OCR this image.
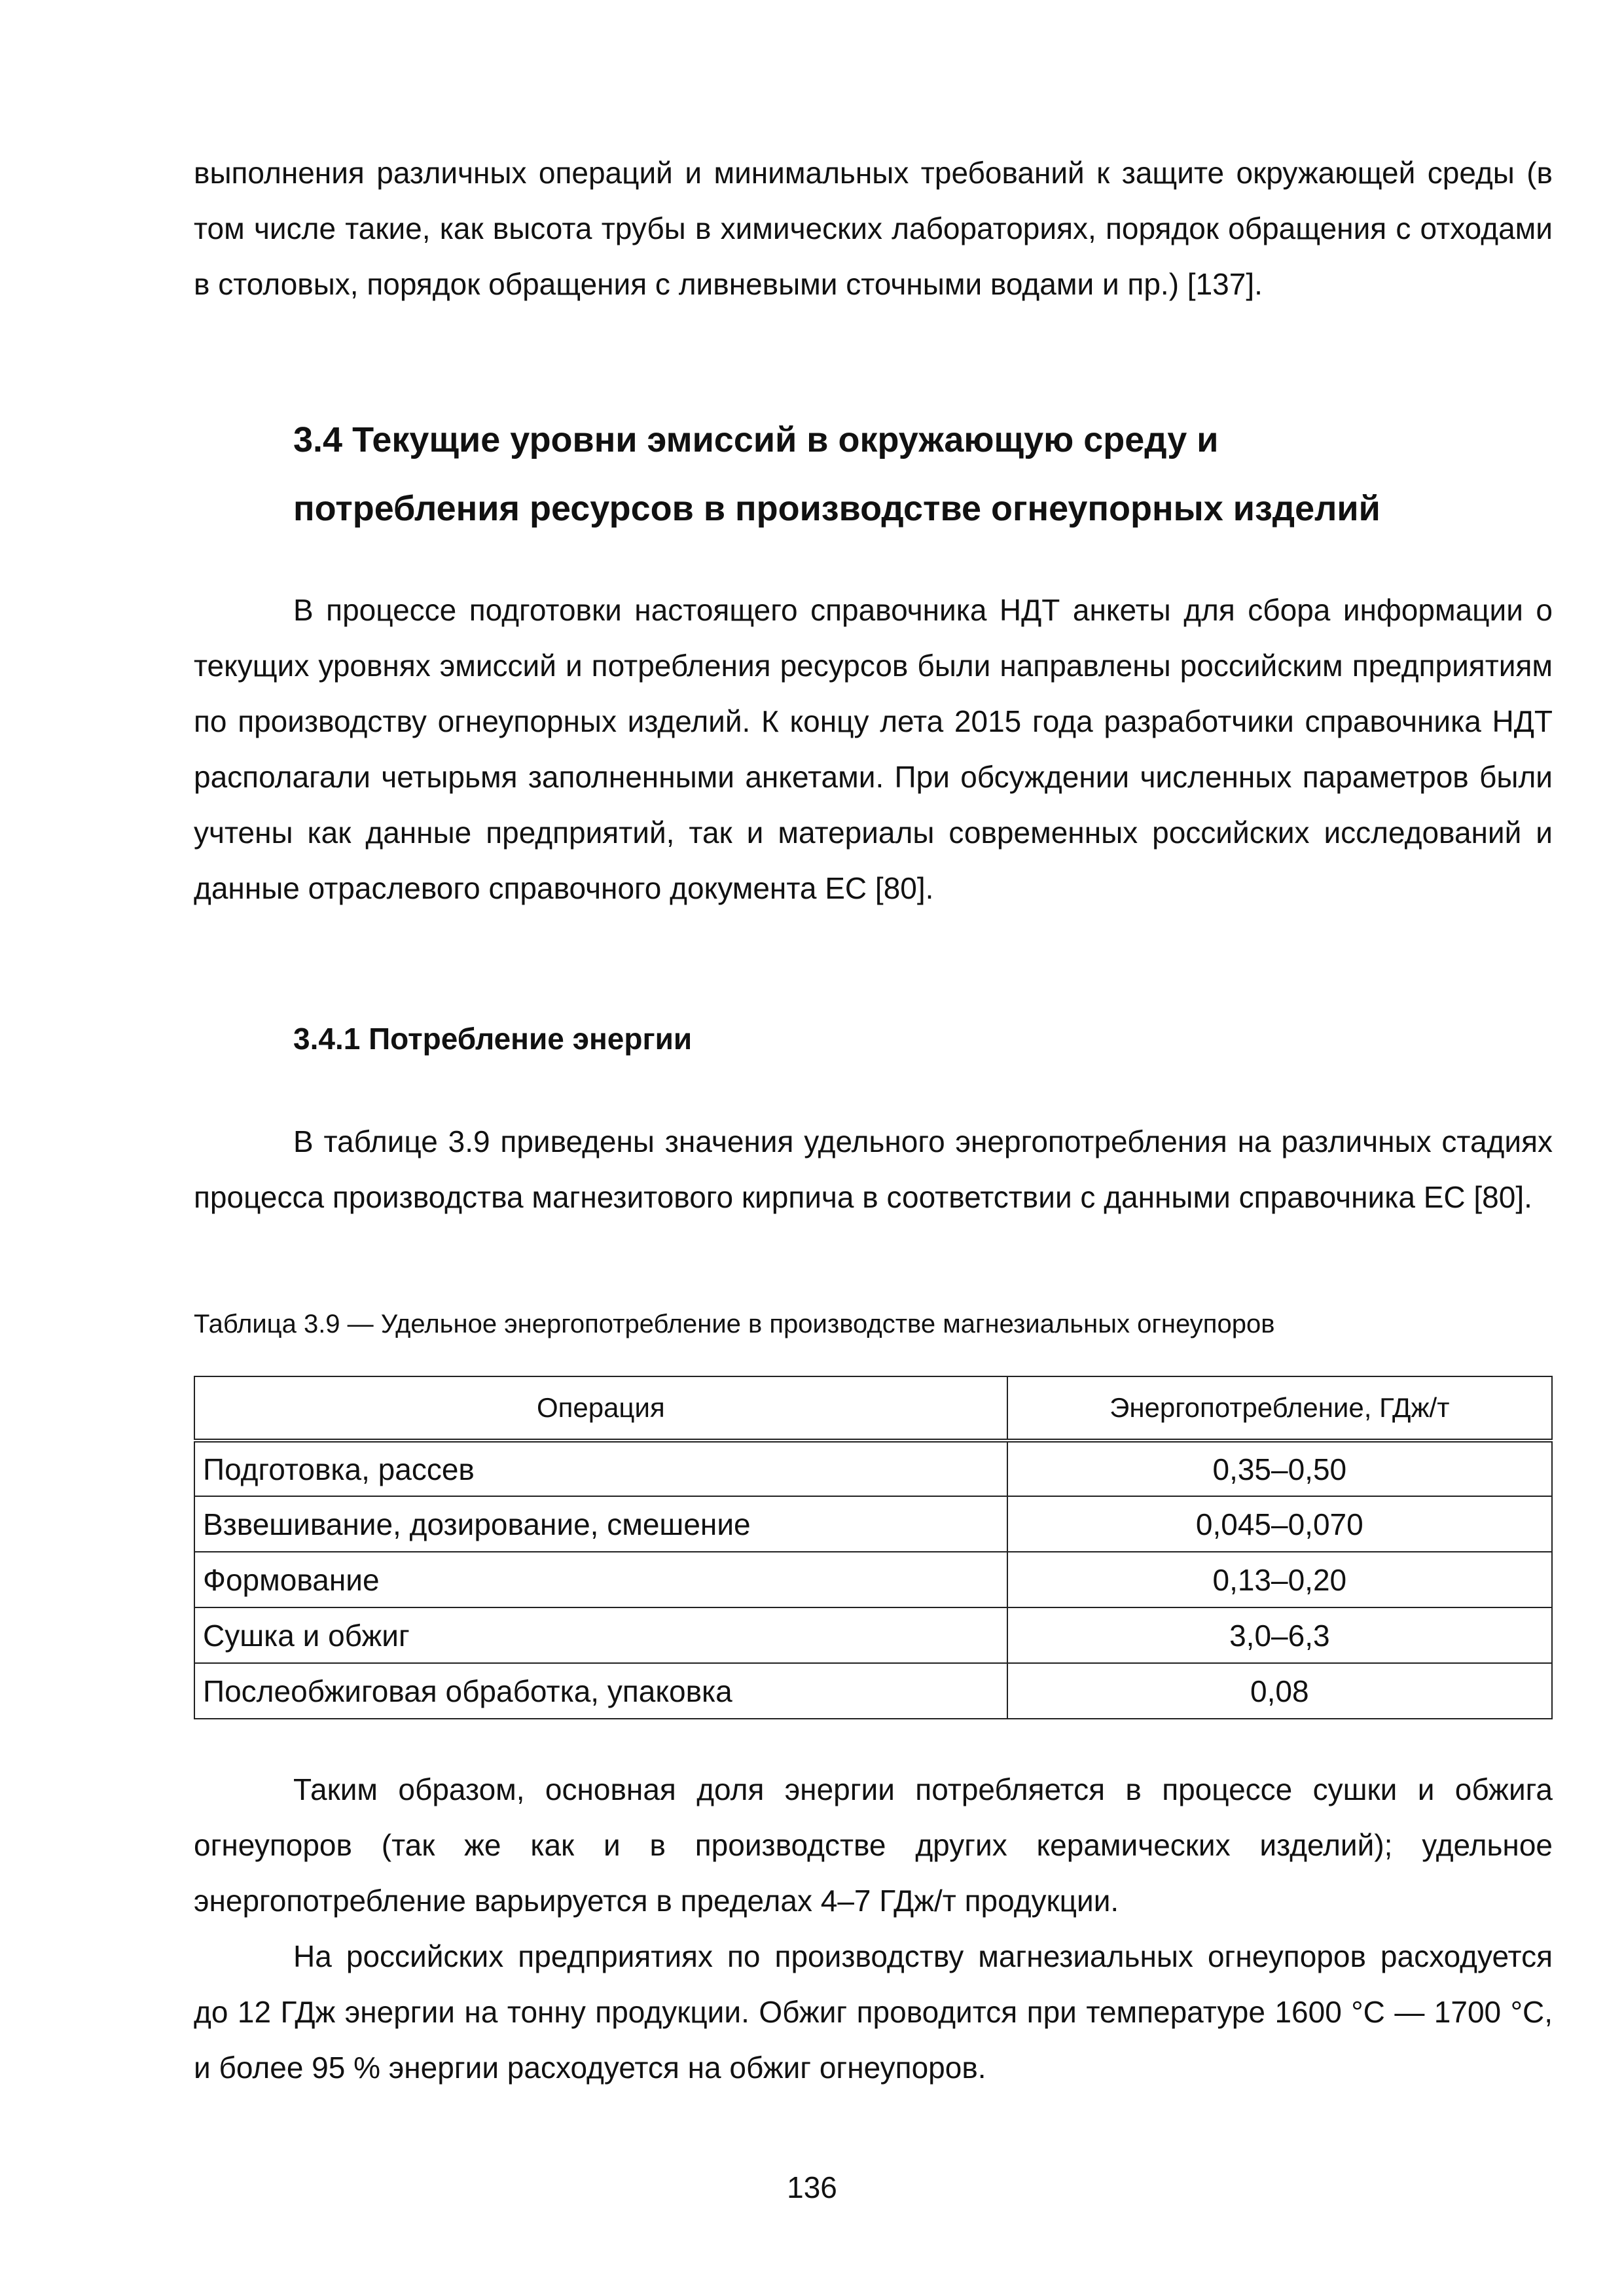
выполнения различных операций и минимальных требований к защите окружающей среды (в том числе такие, как высота трубы в химических лабораториях, порядок обращения с отходами в столовых, порядок обращения с ливневыми сточными водами и пр.) [137].

3.4 Текущие уровни эмиссий в окружающую среду и
потребления ресурсов в производстве огнеупорных изделий

В процессе подготовки настоящего справочника НДТ анкеты для сбора информации о текущих уровнях эмиссий и потребления ресурсов были направлены российским предприятиям по производству огнеупорных изделий. К концу лета 2015 года разработчики справочника НДТ располагали четырьмя заполненными анкетами. При обсуждении численных параметров были учтены как данные предприятий, так и материалы современных российских исследований и данные отраслевого справочного документа ЕС [80].

3.4.1 Потребление энергии

В таблице 3.9 приведены значения удельного энергопотребления на различных стадиях процесса производства магнезитового кирпича в соответствии с данными справочника ЕС [80].

Таблица 3.9 — Удельное энергопотребление в производстве магнезиальных огнеупоров

Операция	Энергопотребление, ГДж/т
Подготовка, рассев	0,35–0,50
Взвешивание, дозирование, смешение	0,045–0,070
Формование	0,13–0,20
Сушка и обжиг	3,0–6,3
Послеобжиговая обработка, упаковка	0,08

Таким образом, основная доля энергии потребляется в процессе сушки и обжига огнеупоров (так же как и в производстве других керамических изделий); удельное энергопотребление варьируется в пределах 4–7 ГДж/т продукции.

На российских предприятиях по производству магнезиальных огнеупоров расходуется до 12 ГДж энергии на тонну продукции. Обжиг проводится при температуре 1600 °С — 1700 °С, и более 95 % энергии расходуется на обжиг огнеупоров.

136
